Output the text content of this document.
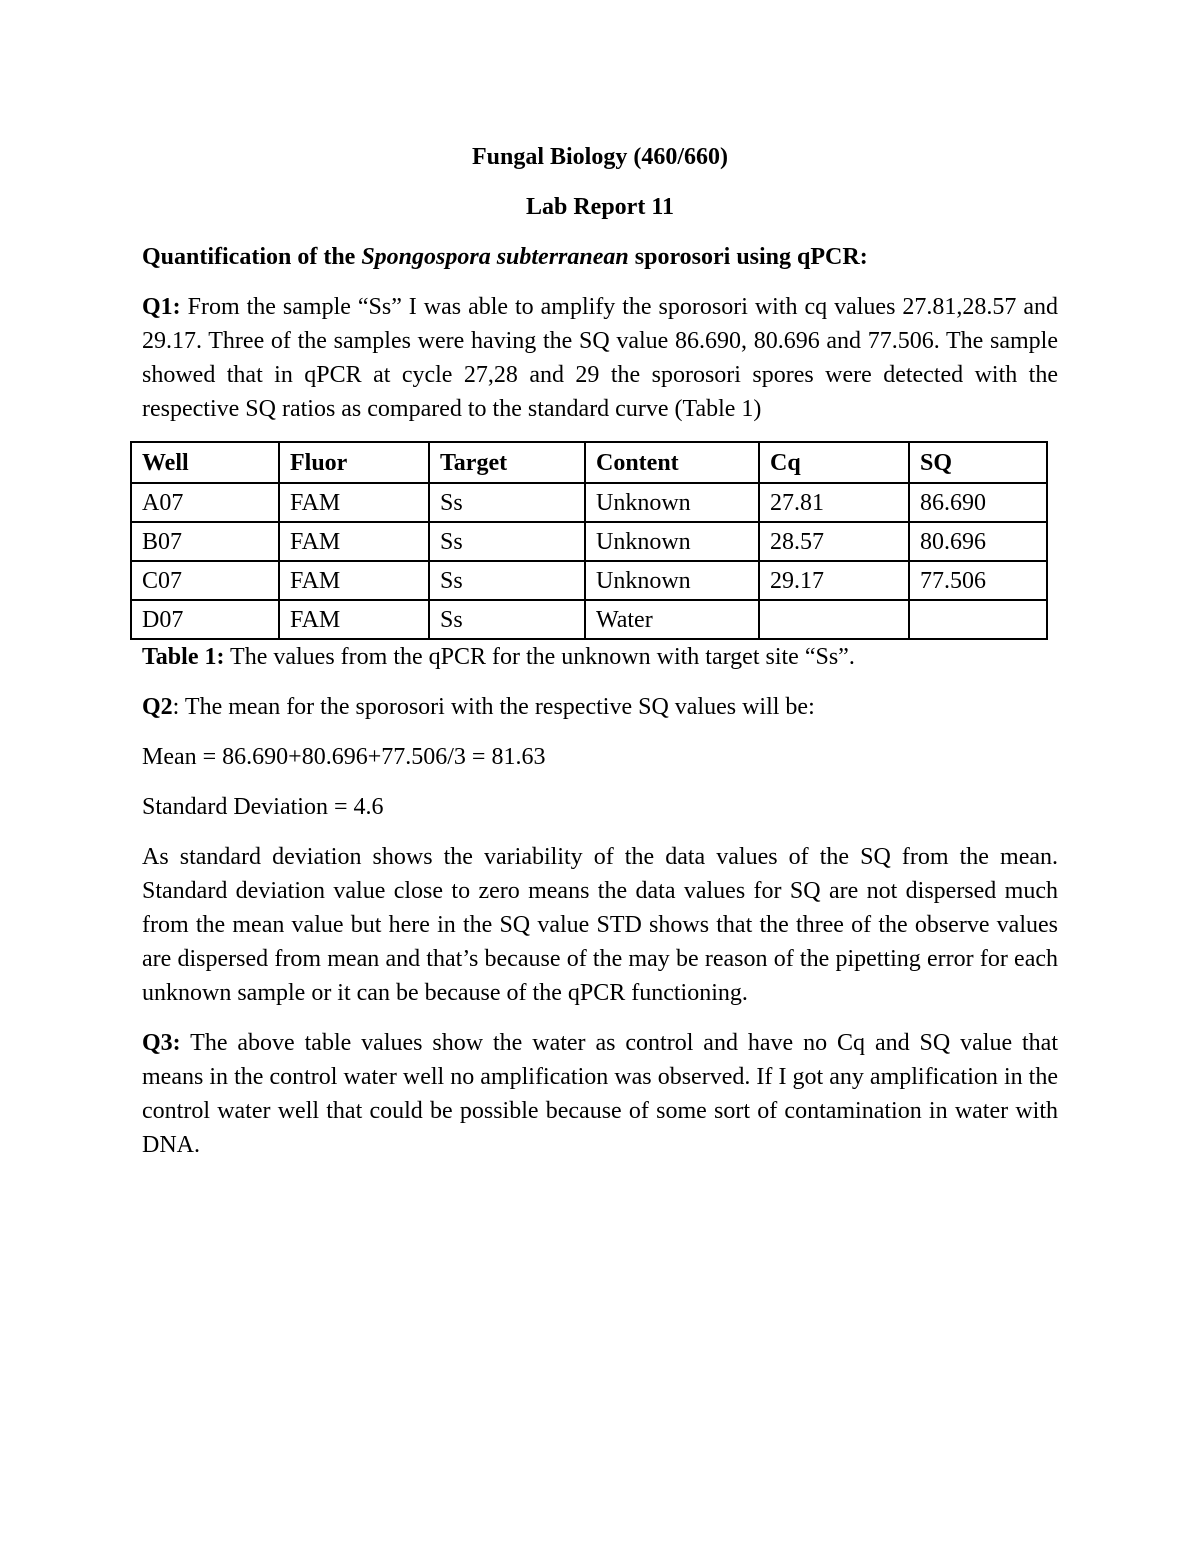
Fungal Biology (460/660)
Lab Report 11
Quantification of the Spongospora subterranean sporosori using qPCR:
Q1: From the sample “Ss” I was able to amplify the sporosori with cq values 27.81,28.57 and 29.17. Three of the samples were having the SQ value 86.690, 80.696 and 77.506. The sample showed that in qPCR at cycle 27,28 and 29 the sporosori spores were detected with the respective SQ ratios as compared to the standard curve (Table 1)
Well	Fluor	Target	Content	Cq	SQ
A07	FAM	Ss	Unknown	27.81	86.690
B07	FAM	Ss	Unknown	28.57	80.696
C07	FAM	Ss	Unknown	29.17	77.506
D07	FAM	Ss	Water		
Table 1: The values from the qPCR for the unknown with target site “Ss”.
Q2: The mean for the sporosori with the respective SQ values will be:
Mean = 86.690+80.696+77.506/3 = 81.63
Standard Deviation = 4.6
As standard deviation shows the variability of the data values of the SQ from the mean. Standard deviation value close to zero means the data values for SQ are not dispersed much from the mean value but here in the SQ value STD shows that the three of the observe values are dispersed from mean and that’s because of the may be reason of the pipetting error for each unknown sample or it can be because of the qPCR functioning.
Q3: The above table values show the water as control and have no Cq and SQ value that means in the control water well no amplification was observed. If I got any amplification in the control water well that could be possible because of some sort of contamination in water with DNA.
